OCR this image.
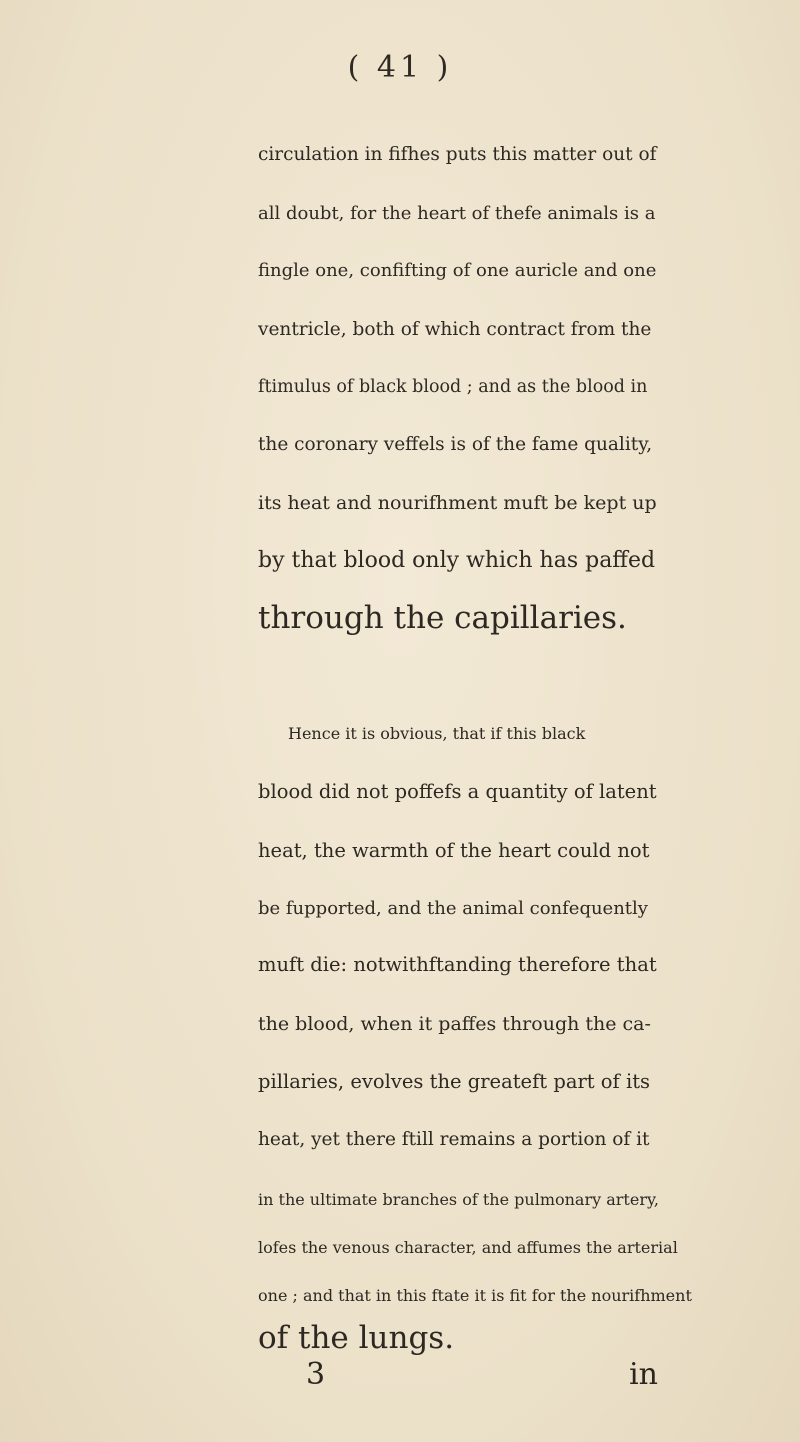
( 41 )
circulation in fifhes puts this matter out of
all doubt, for the heart of thefe animals is a
fingle one, confifting of one auricle and one
ventricle, both of which contract from the
ftimulus of black blood ; and as the blood in
the coronary veffels is of the fame quality,
its heat and nourifhment muft be kept up
by that blood only which has paffed
through the capillaries.
Hence it is obvious, that if this black
blood did not poffefs a quantity of latent
heat, the warmth of the heart could not
be fupported, and the animal confequently
muft die: notwithftanding therefore that
the blood, when it paffes through the ca-
pillaries, evolves the greateft part of its
heat, yet there ftill remains a portion of it
in the ultimate branches of the pulmonary artery,
lofes the venous character, and affumes the arterial
one ; and that in this ftate it is fit for the nourifhment
of the lungs.
3	in
